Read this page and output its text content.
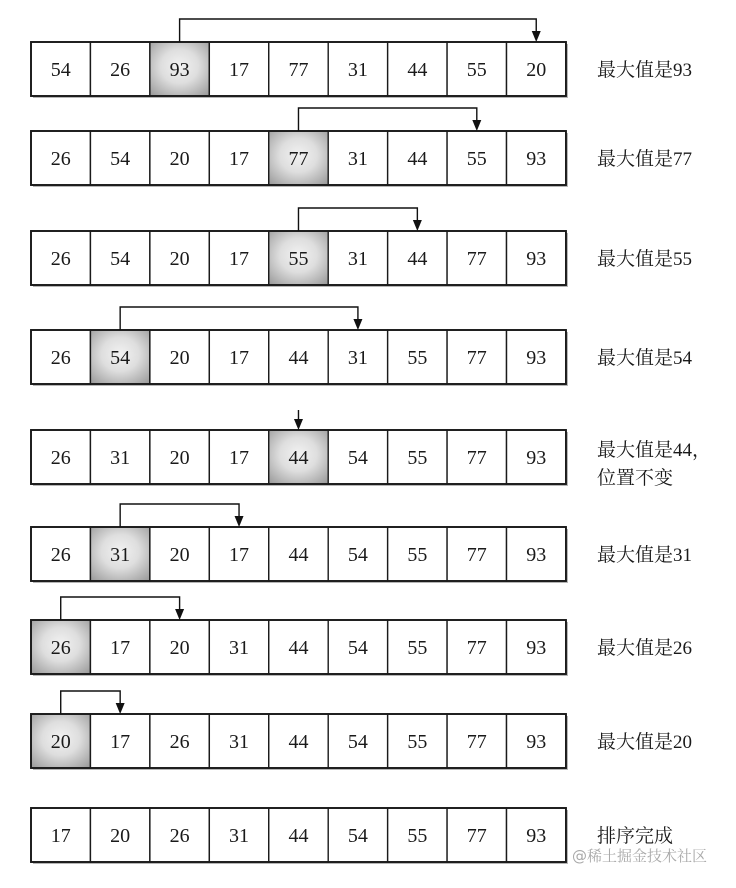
54 26 93 17 77 31 44 55 20	最大值是93
26 54 20 17 77 31 44 55 93	最大值是77
26 54 20 17 55 31 44 77 93	最大值是55
26 54 20 17 44 31 55 77 93	最大值是54
26 31 20 17 44 54 55 77 93	最大值是44，
位置不变
26 31 20 17 44 54 55 77 93	最大值是31
26 17 20 31 44 54 55 77 93	最大值是26
20 17 26 31 44 54 55 77 93	最大值是20
17 20 26 31 44 54 55 77 93	排序完成
@稀土掘金技术社区
